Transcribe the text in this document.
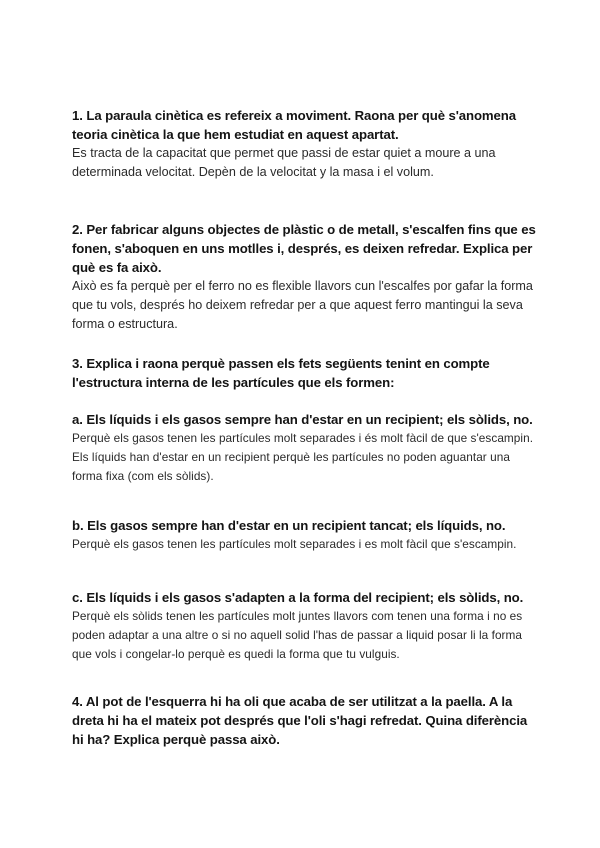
1. La paraula cinètica es refereix a moviment. Raona per què s'anomena teoria cinètica la que hem estudiat en aquest apartat.

Es tracta de la capacitat que permet que passi de estar quiet a moure a una determinada velocitat. Depèn de la velocitat y la masa i el volum.

2. Per fabricar alguns objectes de plàstic o de metall, s'escalfen fins que es fonen, s'aboquen en uns motlles i, després, es deixen refredar. Explica per què es fa això.

Això es fa perquè per el ferro no es flexible llavors cun l'escalfes por gafar la forma que tu vols, després ho deixem refredar per a que aquest ferro mantingui la seva forma o estructura.

3. Explica i raona perquè passen els fets següents tenint en compte l'estructura interna de les partícules que els formen:

a. Els líquids i els gasos sempre han d'estar en un recipient; els sòlids, no.

Perquè els gasos tenen les partícules molt separades i és molt fàcil de que s'escampin. Els líquids han d'estar en un recipient perquè les partícules no poden aguantar una forma fixa (com els sòlids).

b. Els gasos sempre han d'estar en un recipient tancat; els líquids, no.

Perquè els gasos tenen les partícules molt separades i es molt fàcil que s'escampin.

c. Els líquids i els gasos s'adapten a la forma del recipient; els sòlids, no.

Perquè els sòlids tenen les partícules molt juntes llavors com tenen una forma i no es poden adaptar a una altre o si no aquell solid l'has de passar a liquid posar li la forma que vols i congelar-lo perquè es quedi la forma que tu vulguis.

4. Al pot de l'esquerra hi ha oli que acaba de ser utilitzat a la paella. A la dreta hi ha el mateix pot després que l'oli s'hagi refredat. Quina diferència hi ha? Explica perquè passa això.
